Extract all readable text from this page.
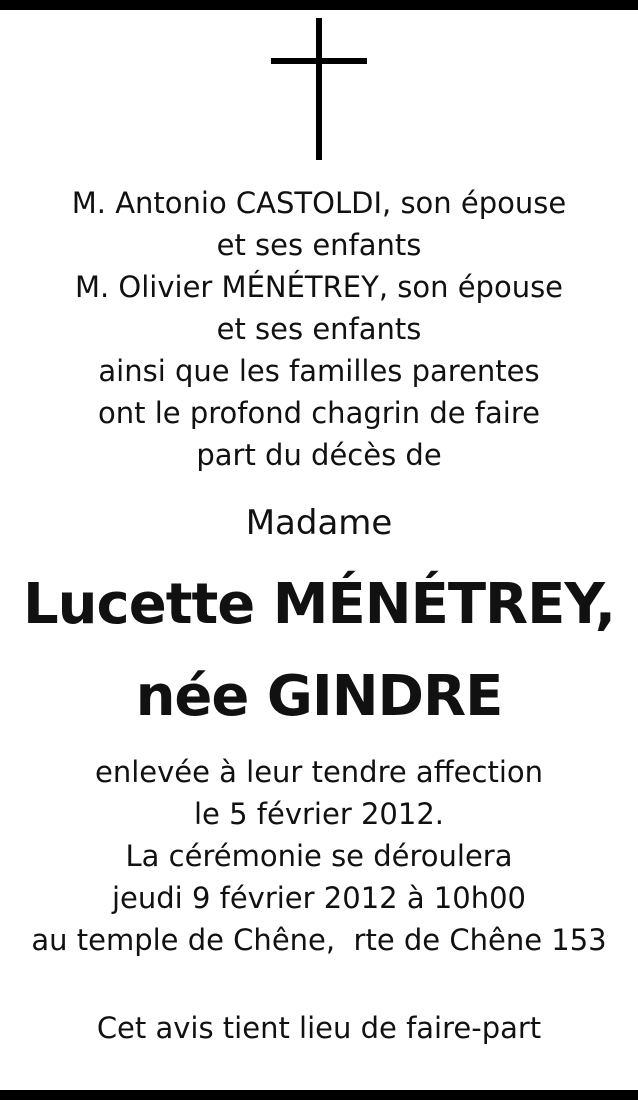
M. Antonio CASTOLDI, son épouse
et ses enfants
M. Olivier MÉNÉTREY, son épouse
et ses enfants
ainsi que les familles parentes
ont le profond chagrin de faire
part du décès de
Madame
Lucette MÉNÉTREY,
née GINDRE
enlevée à leur tendre affection
le 5 février 2012.
La cérémonie se déroulera
jeudi 9 février 2012 à 10h00
au temple de Chêne,  rte de Chêne 153
Cet avis tient lieu de faire-part
